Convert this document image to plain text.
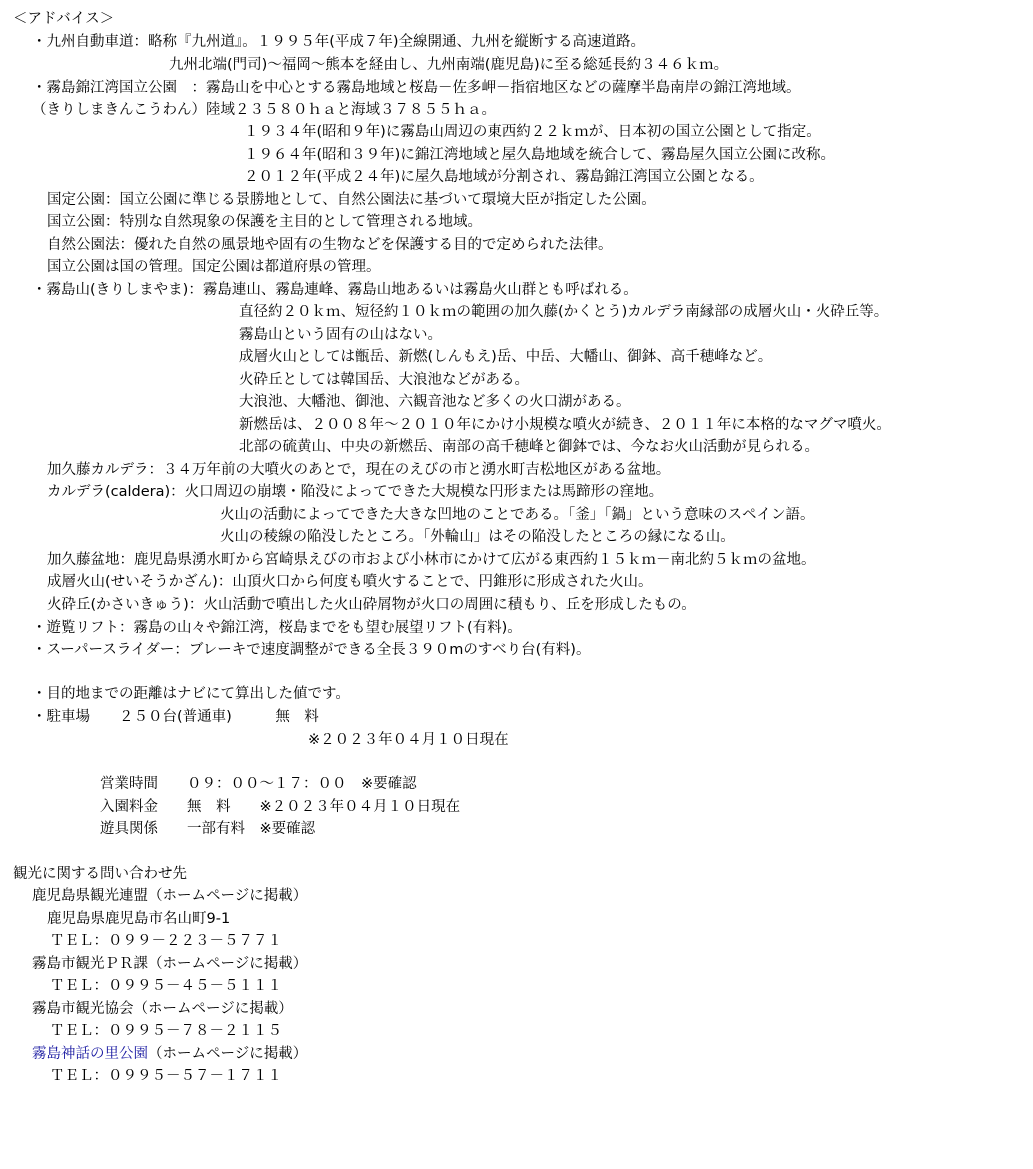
＜アドバイス＞
・九州自動車道：略称『九州道』。１９９５年(平成７年)全線開通、九州を縦断する高速道路。
九州北端(門司)～福岡～熊本を経由し、九州南端(鹿児島)に至る総延長約３４６ｋｍ。
・霧島錦江湾国立公園　：霧島山を中心とする霧島地域と桜島－佐多岬－指宿地区などの薩摩半島南岸の錦江湾地域。
（きりしまきんこうわん）陸域２３５８０ｈａと海域３７８５５ｈａ。
１９３４年(昭和９年)に霧島山周辺の東西約２２ｋｍが、日本初の国立公園として指定。
１９６４年(昭和３９年)に錦江湾地域と屋久島地域を統合して、霧島屋久国立公園に改称。
２０１２年(平成２４年)に屋久島地域が分割され、霧島錦江湾国立公園となる。
国定公園：国立公園に準じる景勝地として、自然公園法に基づいて環境大臣が指定した公園。
国立公園：特別な自然現象の保護を主目的として管理される地域。
自然公園法：優れた自然の風景地や固有の生物などを保護する目的で定められた法律。
国立公園は国の管理。国定公園は都道府県の管理。
・霧島山(きりしまやま)：霧島連山、霧島連峰、霧島山地あるいは霧島火山群とも呼ばれる。
直径約２０ｋｍ、短径約１０ｋｍの範囲の加久藤(かくとう)カルデラ南縁部の成層火山・火砕丘等。
霧島山という固有の山はない。
成層火山としては甑岳、新燃(しんもえ)岳、中岳、大幡山、御鉢、高千穂峰など。
火砕丘としては韓国岳、大浪池などがある。
大浪池、大幡池、御池、六観音池など多くの火口湖がある。
新燃岳は、２００８年～２０１０年にかけ小規模な噴火が続き、２０１１年に本格的なマグマ噴火。
北部の硫黄山、中央の新燃岳、南部の高千穂峰と御鉢では、今なお火山活動が見られる。
加久藤カルデラ：３４万年前の大噴火のあとで，現在のえびの市と湧水町吉松地区がある盆地。
カルデラ(caldera)：火口周辺の崩壊・陥没によってできた大規模な円形または馬蹄形の窪地。
火山の活動によってできた大きな凹地のことである。「釜」「鍋」という意味のスペイン語。
火山の稜線の陥没したところ。「外輪山」はその陥没したところの縁になる山。
加久藤盆地：鹿児島県湧水町から宮崎県えびの市および小林市にかけて広がる東西約１５ｋｍ－南北約５ｋｍの盆地。
成層火山(せいそうかざん)：山頂火口から何度も噴火することで、円錐形に形成された火山。
火砕丘(かさいきゅう)：火山活動で噴出した火山砕屑物が火口の周囲に積もり、丘を形成したもの。
・遊覧リフト：霧島の山々や錦江湾，桜島までをも望む展望リフト(有料)。
・スーパースライダー：ブレーキで速度調整ができる全長３９０mのすべり台(有料)。
・目的地までの距離はナビにて算出した値です。
・駐車場　　２５０台(普通車)　　　無　料
※２０２３年０４月１０日現在
営業時間　　０９：００～１７：００　※要確認
入園料金　　無　料　　※２０２３年０４月１０日現在
遊具関係　　一部有料　※要確認
観光に関する問い合わせ先
鹿児島県観光連盟（ホームページに掲載）
鹿児島県鹿児島市名山町9-1
ＴＥＬ：０９９－２２３－５７７１
霧島市観光ＰＲ課（ホームページに掲載）
ＴＥＬ：０９９５－４５－５１１１
霧島市観光協会（ホームページに掲載）
ＴＥＬ：０９９５－７８－２１１５
霧島神話の里公園（ホームページに掲載）
ＴＥＬ：０９９５－５７－１７１１
